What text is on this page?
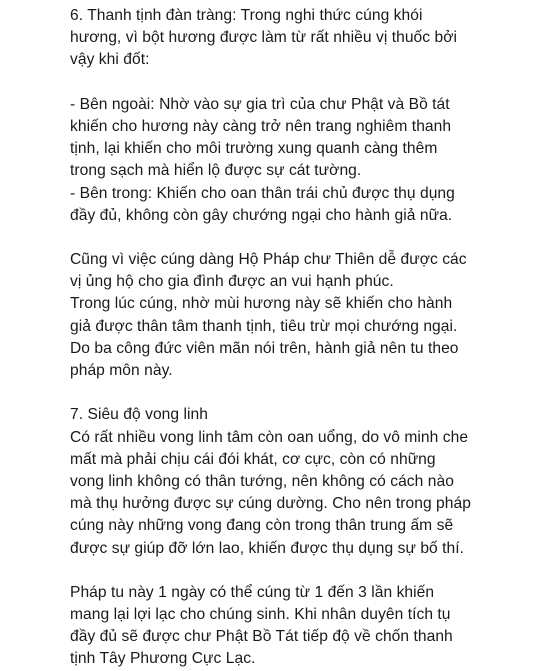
6. Thanh tịnh đàn tràng: Trong nghi thức cúng khói
hương, vì bột hương được làm từ rất nhiều vị thuốc bởi
vậy khi đốt:
- Bên ngoài: Nhờ vào sự gia trì của chư Phật và Bồ tát
khiến cho hương này càng trở nên trang nghiêm thanh
tịnh, lại khiến cho môi trường xung quanh càng thêm
trong sạch mà hiển lộ được sự cát tường.
- Bên trong: Khiến cho oan thân trái chủ được thụ dụng
đầy đủ, không còn gây chướng ngại cho hành giả nữa.
Cũng vì việc cúng dàng Hộ Pháp chư Thiên dễ được các
vị ủng hộ cho gia đình được an vui hạnh phúc.
Trong lúc cúng, nhờ mùi hương này sẽ khiến cho hành
giả được thân tâm thanh tịnh, tiêu trừ mọi chướng ngại.
Do ba công đức viên mãn nói trên, hành giả nên tu theo
pháp môn này.
7. Siêu độ vong linh
Có rất nhiều vong linh tâm còn oan uổng, do vô minh che
mất mà phải chịu cái đói khát, cơ cực, còn có những
vong linh không có thân tướng, nên không có cách nào
mà thụ hưởng được sự cúng dường. Cho nên trong pháp
cúng này những vong đang còn trong thân trung ấm sẽ
được sự giúp đỡ lớn lao, khiến được thụ dụng sự bố thí.
Pháp tu này 1 ngày có thể cúng từ 1 đến 3 lần khiến
mang lại lợi lạc cho chúng sinh. Khi nhân duyên tích tụ
đầy đủ sẽ được chư Phật Bồ Tát tiếp độ về chốn thanh
tịnh Tây Phương Cực Lạc.
